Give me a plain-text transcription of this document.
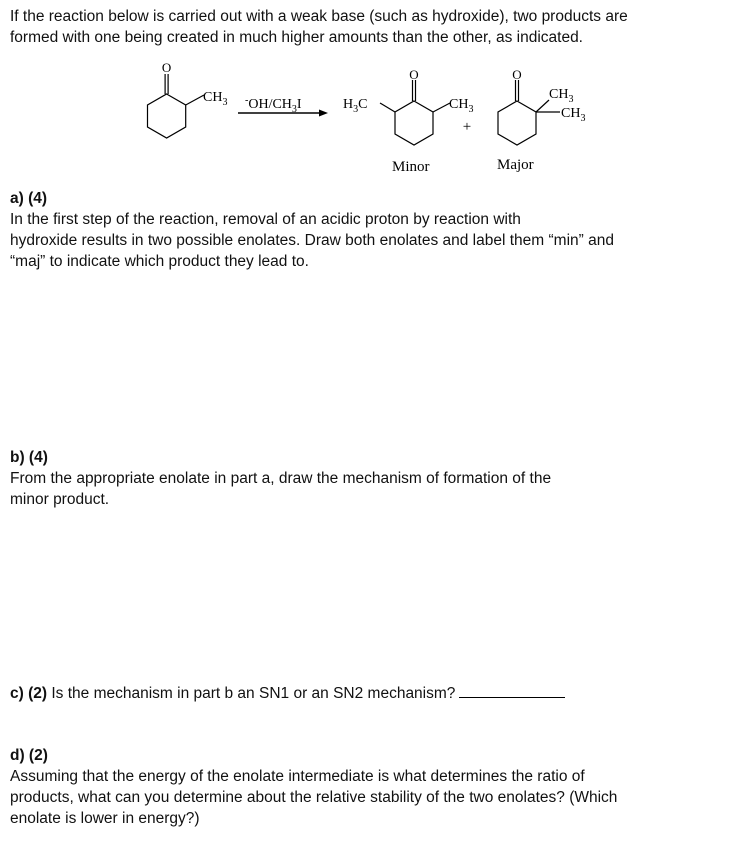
If the reaction below is carried out with a weak base (such as hydroxide), two products are
formed with one being created in much higher amounts than the other, as indicated.
O
$CH_3$ $^-OH/CH_3I$
O
$H_3C$	$CH_3$
+
O
$CH_3$
$CH_3$
Minor	Major
a) (4)
In the first step of the reaction, removal of an acidic proton by reaction with
hydroxide results in two possible enolates. Draw both enolates and label them “min” and
“maj” to indicate which product they lead to.
b) (4)
From the appropriate enolate in part a, draw the mechanism of formation of the
minor product.
c) (2) Is the mechanism in part b an SN1 or an SN2 mechanism?
d) (2)
Assuming that the energy of the enolate intermediate is what determines the ratio of
products, what can you determine about the relative stability of the two enolates? (Which
enolate is lower in energy?)
